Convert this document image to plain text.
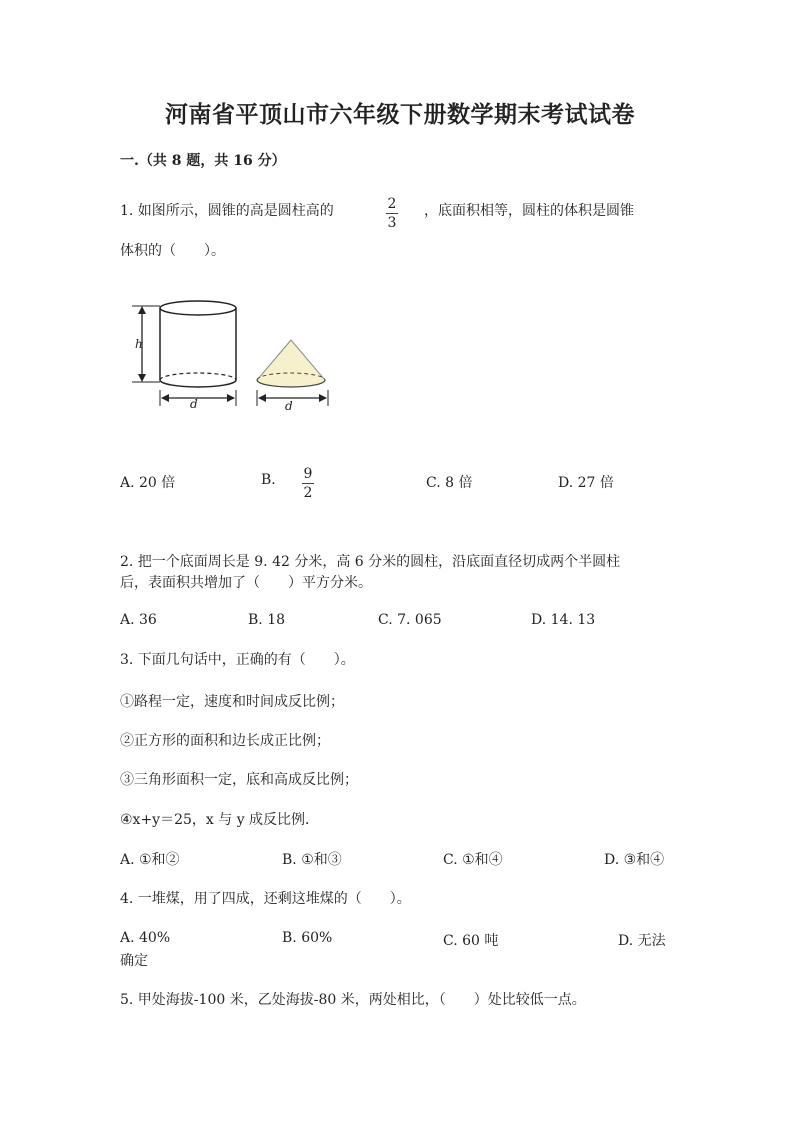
河南省平顶山市六年级下册数学期末考试试卷
一.（共 8 题，共 16 分）
1. 如图所示，圆锥的高是圆柱高的	2
3
，底面积相等，圆柱的体积是圆锥
体积的（　　）。
h
d	d
A. 20 倍	B. 9
2
C. 8 倍	D. 27 倍
2. 把一个底面周长是 9. 42 分米，高 6 分米的圆柱，沿底面直径切成两个半圆柱
后，表面积共增加了（　　）平方分米。
A. 36	B. 18	C. 7. 065	D. 14. 13
3. 下面几句话中，正确的有（　　）。
①路程一定，速度和时间成反比例；
②正方形的面积和边长成正比例；
③三角形面积一定，底和高成反比例；
④x+y＝25，x 与 y 成反比例．
A. ①和②	B. ①和③	C. ①和④	D. ③和④
4. 一堆煤，用了四成，还剩这堆煤的（　　）。
A. 40%	B. 60%	C. 60 吨	D. 无法
确定
5. 甲处海拔-100 米，乙处海拔-80 米，两处相比，（　　）处比较低一点。
